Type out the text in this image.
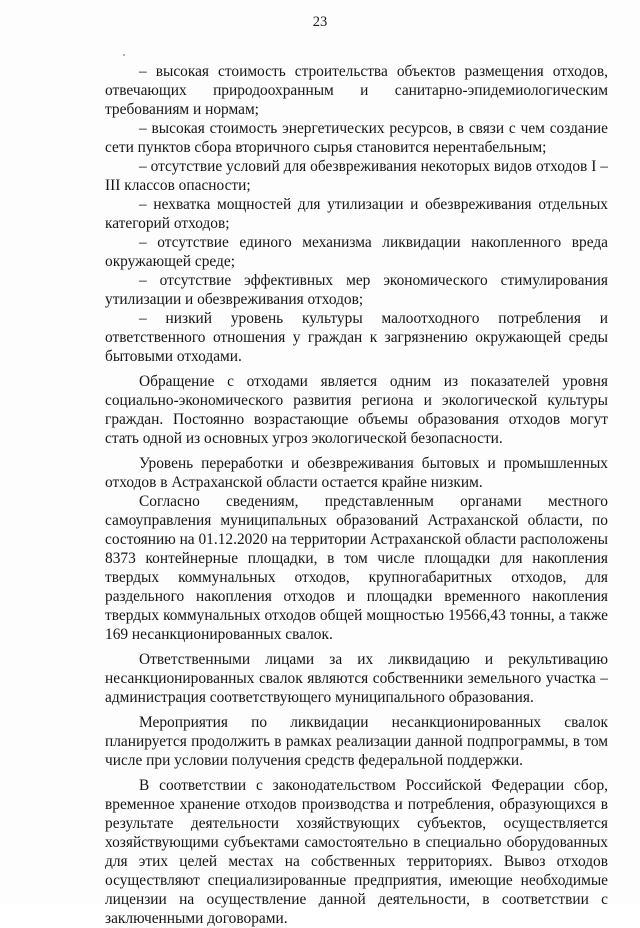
23

– высокая стоимость строительства объектов размещения отходов, отвечающих природоохранным и санитарно-эпидемиологическим требованиям и нормам;

– высокая стоимость энергетических ресурсов, в связи с чем создание сети пунктов сбора вторичного сырья становится нерентабельным;

– отсутствие условий для обезвреживания некоторых видов отходов I – III классов опасности;

– нехватка мощностей для утилизации и обезвреживания отдельных категорий отходов;

– отсутствие единого механизма ликвидации накопленного вреда окружающей среде;

– отсутствие эффективных мер экономического стимулирования утилизации и обезвреживания отходов;

– низкий уровень культуры малоотходного потребления и ответственного отношения у граждан к загрязнению окружающей среды бытовыми отходами.

Обращение с отходами является одним из показателей уровня социально-экономического развития региона и экологической культуры граждан. Постоянно возрастающие объемы образования отходов могут стать одной из основных угроз экологической безопасности.

Уровень переработки и обезвреживания бытовых и промышленных отходов в Астраханской области остается крайне низким.

Согласно сведениям, представленным органами местного самоуправления муниципальных образований Астраханской области, по состоянию на 01.12.2020 на территории Астраханской области расположены 8373 контейнерные площадки, в том числе площадки для накопления твердых коммунальных отходов, крупногабаритных отходов, для раздельного накопления отходов и площадки временного накопления твердых коммунальных отходов общей мощностью 19566,43 тонны, а также 169 несанкционированных свалок.

Ответственными лицами за их ликвидацию и рекультивацию несанкционированных свалок являются собственники земельного участка – администрация соответствующего муниципального образования.

Мероприятия по ликвидации несанкционированных свалок планируется продолжить в рамках реализации данной подпрограммы, в том числе при условии получения средств федеральной поддержки.

В соответствии с законодательством Российской Федерации сбор, временное хранение отходов производства и потребления, образующихся в результате деятельности хозяйствующих субъектов, осуществляется хозяйствующими субъектами самостоятельно в специально оборудованных для этих целей местах на собственных территориях. Вывоз отходов осуществляют специализированные предприятия, имеющие необходимые лицензии на осуществление данной деятельности, в соответствии с заключенными договорами.
